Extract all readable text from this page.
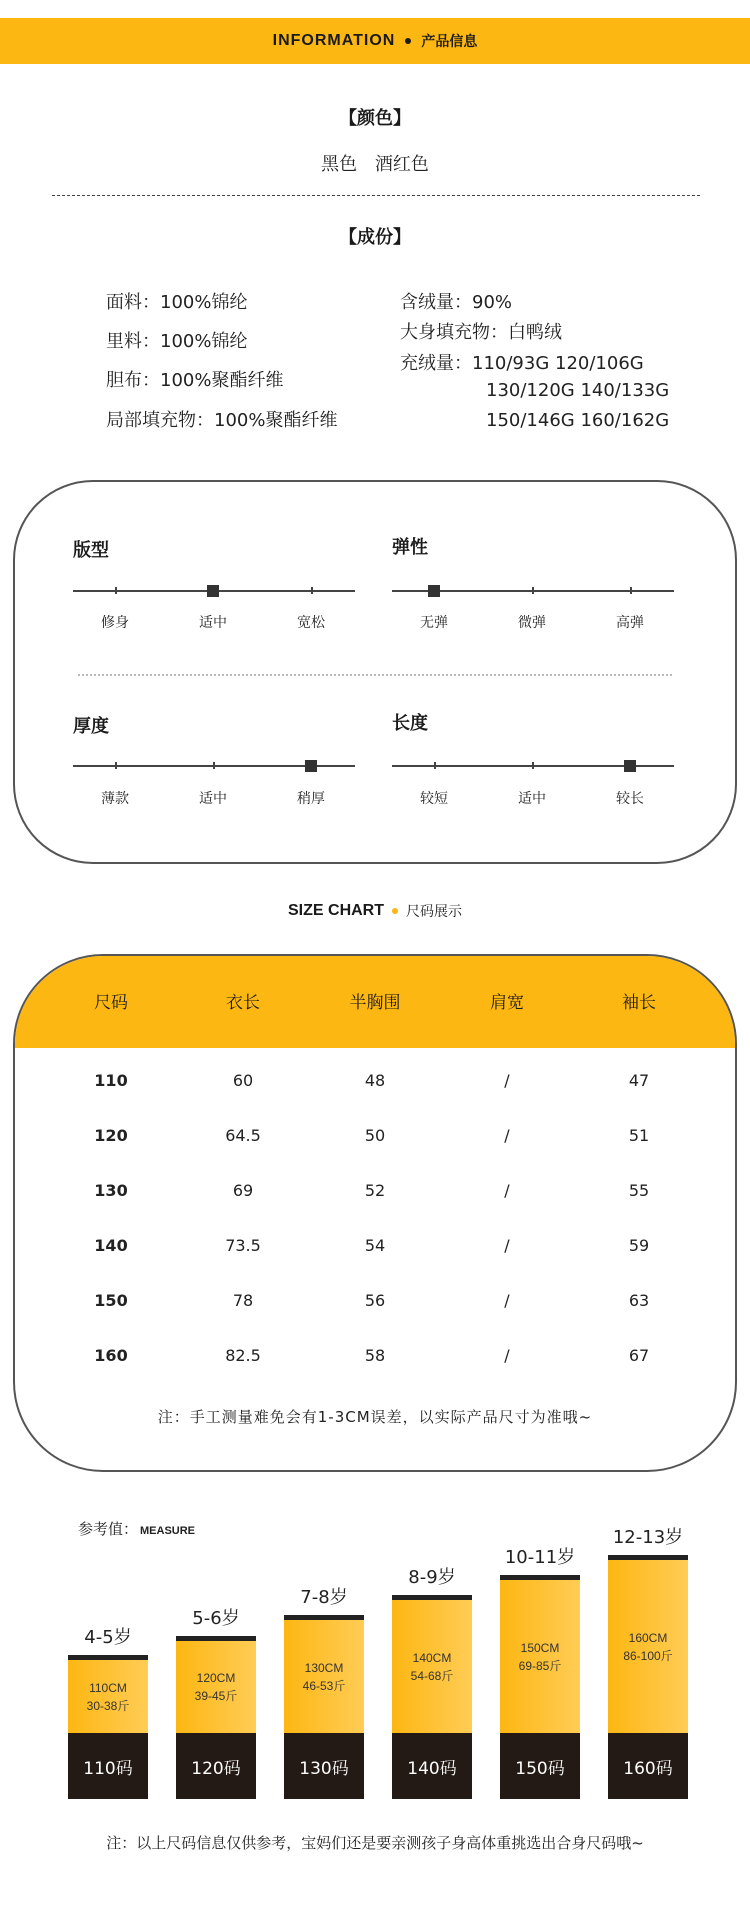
INFORMATION 产品信息
【颜色】
黑色 酒红色
【成份】
面料：100%锦纶
里料：100%锦纶
胆布：100%聚酯纤维
局部填充物：100%聚酯纤维
含绒量：90%
大身填充物：白鸭绒
充绒量：110/93G 120/106G
130/120G 140/133G
150/146G 160/162G
版型
修身	适中	宽松
弹性
无弹	微弹	高弹
厚度
薄款	适中	稍厚
长度
较短	适中	较长
SIZE CHART 尺码展示
尺码	衣长	半胸围	肩宽	袖长
110	60	48	/	47
120	64.5	50	/	51
130	69	52	/	55
140	73.5	54	/	59
150	78	56	/	63
160	82.5	58	/	67
注：手工测量难免会有1-3CM误差，以实际产品尺寸为准哦~
参考值： MEASURE
4-5岁
110CM
30-38斤
110码
5-6岁
120CM
39-45斤
120码
7-8岁
130CM
46-53斤
130码
8-9岁
140CM
54-68斤
140码
10-11岁
150CM
69-85斤
150码
12-13岁
160CM
86-100斤
160码
注：以上尺码信息仅供参考，宝妈们还是要亲测孩子身高体重挑选出合身尺码哦~
